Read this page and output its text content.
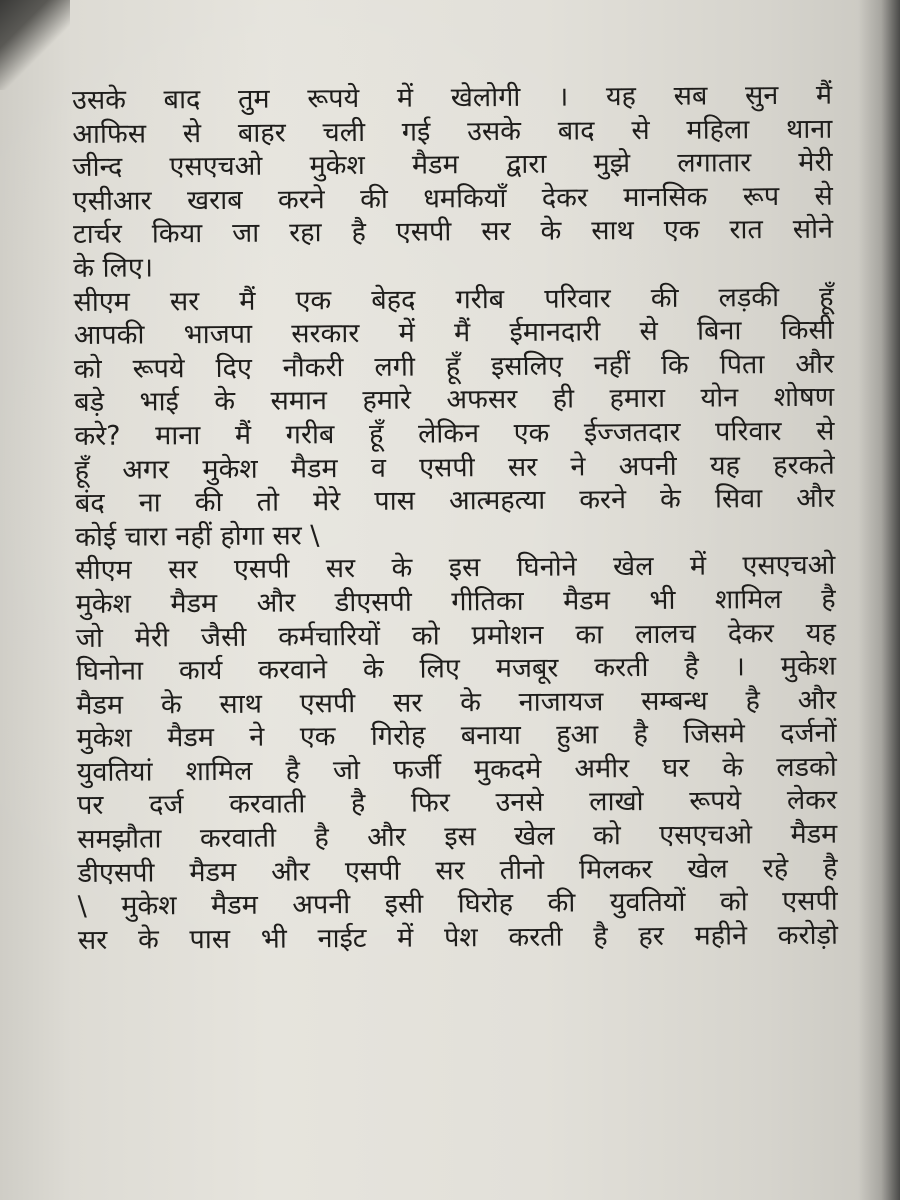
उसके बाद तुम रूपये में खेलोगी । यह सब सुन मैं
आफिस से बाहर चली गई उसके बाद से महिला थाना
जीन्द एसएचओ मुकेश मैडम द्वारा मुझे लगातार मेरी
एसीआर खराब करने की धमकियाँ देकर मानसिक रूप से
टार्चर किया जा रहा है एसपी सर के साथ एक रात सोने
के लिए।
सीएम सर मैं एक बेहद गरीब परिवार की लड़की हूँ
आपकी भाजपा सरकार में मैं ईमानदारी से बिना किसी
को रूपये दिए नौकरी लगी हूँ इसलिए नहीं कि पिता और
बड़े भाई के समान हमारे अफसर ही हमारा योन शोषण
करे? माना मैं गरीब हूँ लेकिन एक ईज्जतदार परिवार से
हूँ अगर मुकेश मैडम व एसपी सर ने अपनी यह हरकते
बंद ना की तो मेरे पास आत्महत्या करने के सिवा और
कोई चारा नहीं होगा सर \
सीएम सर एसपी सर के इस घिनोने खेल में एसएचओ
मुकेश मैडम और डीएसपी गीतिका मैडम भी शामिल है
जो मेरी जैसी कर्मचारियों को प्रमोशन का लालच देकर यह
घिनोना कार्य करवाने के लिए मजबूर करती है । मुकेश
मैडम के साथ एसपी सर के नाजायज सम्बन्ध है और
मुकेश मैडम ने एक गिरोह बनाया हुआ है जिसमे दर्जनों
युवतियां शामिल है जो फर्जी मुकदमे अमीर घर के लडको
पर दर्ज करवाती है फिर उनसे लाखो रूपये लेकर
समझौता करवाती है और इस खेल को एसएचओ मैडम
डीएसपी मैडम और एसपी सर तीनो मिलकर खेल रहे है
\ मुकेश मैडम अपनी इसी घिरोह की युवतियों को एसपी
सर के पास भी नाईट में पेश करती है हर महीने करोड़ो
